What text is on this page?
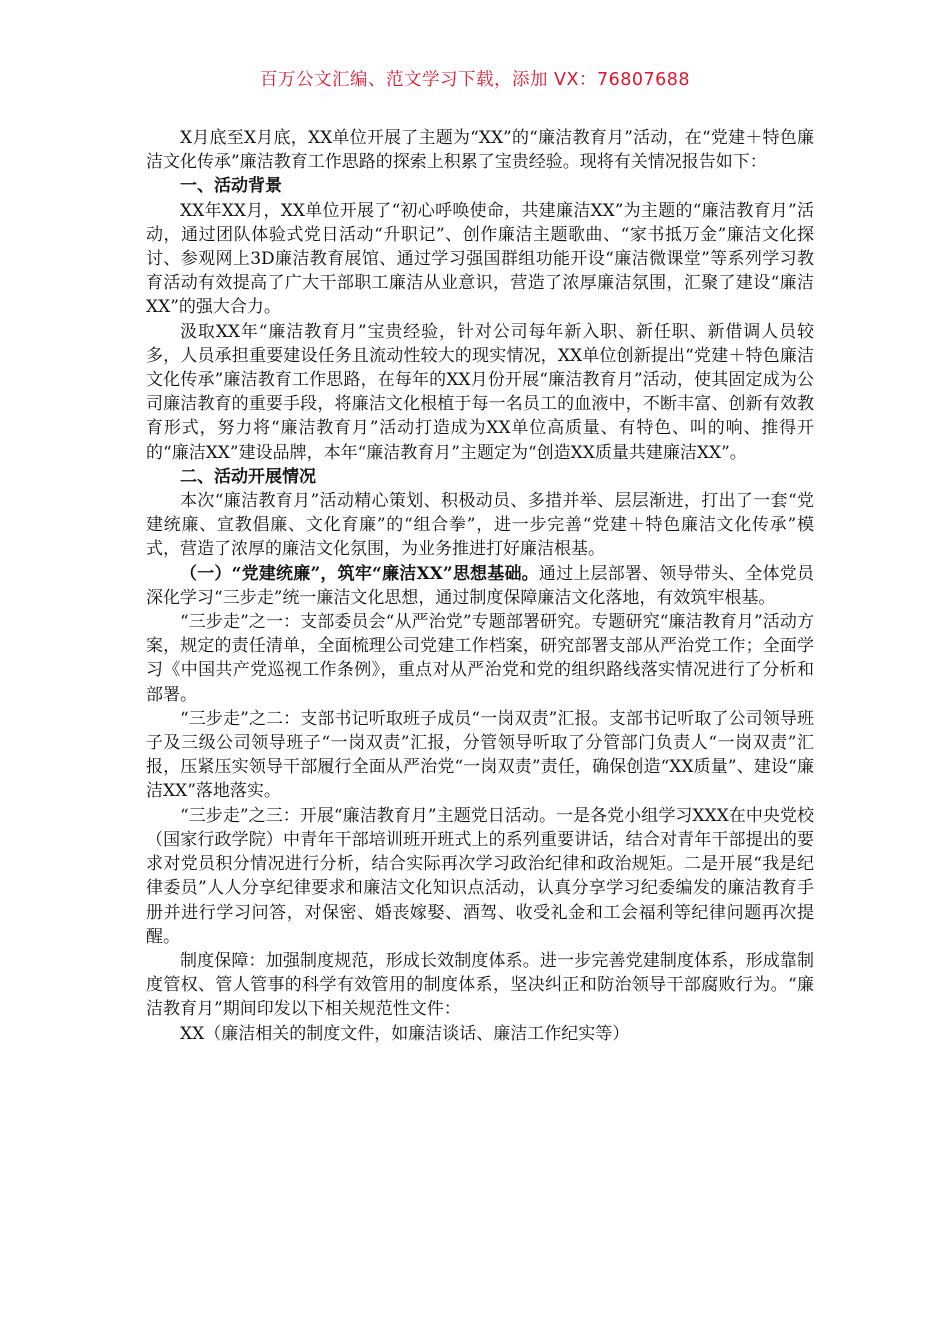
百万公文汇编、范文学习下载，添加 VX：76807688

X月底至X月底，XX单位开展了主题为“XX”的“廉洁教育月”活动，在“党建＋特色廉洁文化传承”廉洁教育工作思路的探索上积累了宝贵经验。现将有关情况报告如下：

一、活动背景

XX年XX月，XX单位开展了“初心呼唤使命，共建廉洁XX”为主题的“廉洁教育月”活动，通过团队体验式党日活动“升职记”、创作廉洁主题歌曲、“家书抵万金”廉洁文化探讨、参观网上3D廉洁教育展馆、通过学习强国群组功能开设“廉洁微课堂”等系列学习教育活动有效提高了广大干部职工廉洁从业意识，营造了浓厚廉洁氛围，汇聚了建设“廉洁XX”的强大合力。

汲取XX年“廉洁教育月”宝贵经验，针对公司每年新入职、新任职、新借调人员较多，人员承担重要建设任务且流动性较大的现实情况，XX单位创新提出“党建＋特色廉洁文化传承”廉洁教育工作思路，在每年的XX月份开展“廉洁教育月”活动，使其固定成为公司廉洁教育的重要手段，将廉洁文化根植于每一名员工的血液中，不断丰富、创新有效教育形式，努力将“廉洁教育月”活动打造成为XX单位高质量、有特色、叫的响、推得开的“廉洁XX”建设品牌，本年“廉洁教育月”主题定为“创造XX质量共建廉洁XX”。

二、活动开展情况

本次“廉洁教育月”活动精心策划、积极动员、多措并举、层层渐进，打出了一套“党建统廉、宣教倡廉、文化育廉”的“组合拳”，进一步完善“党建＋特色廉洁文化传承”模式，营造了浓厚的廉洁文化氛围，为业务推进打好廉洁根基。

（一）“党建统廉”，筑牢“廉洁XX”思想基础。通过上层部署、领导带头、全体党员深化学习“三步走”统一廉洁文化思想，通过制度保障廉洁文化落地，有效筑牢根基。

“三步走”之一：支部委员会“从严治党”专题部署研究。专题研究“廉洁教育月”活动方案，规定的责任清单，全面梳理公司党建工作档案，研究部署支部从严治党工作；全面学习《中国共产党巡视工作条例》，重点对从严治党和党的组织路线落实情况进行了分析和部署。

“三步走”之二：支部书记听取班子成员“一岗双责”汇报。支部书记听取了公司领导班子及三级公司领导班子“一岗双责”汇报，分管领导听取了分管部门负责人“一岗双责”汇报，压紧压实领导干部履行全面从严治党“一岗双责”责任，确保创造“XX质量”、建设“廉洁XX”落地落实。

“三步走”之三：开展“廉洁教育月”主题党日活动。一是各党小组学习XXX在中央党校（国家行政学院）中青年干部培训班开班式上的系列重要讲话，结合对青年干部提出的要求对党员积分情况进行分析，结合实际再次学习政治纪律和政治规矩。二是开展“我是纪律委员”人人分享纪律要求和廉洁文化知识点活动，认真分享学习纪委编发的廉洁教育手册并进行学习问答，对保密、婚丧嫁娶、酒驾、收受礼金和工会福利等纪律问题再次提醒。

制度保障：加强制度规范，形成长效制度体系。进一步完善党建制度体系，形成靠制度管权、管人管事的科学有效管用的制度体系，坚决纠正和防治领导干部腐败行为。“廉洁教育月”期间印发以下相关规范性文件：

XX（廉洁相关的制度文件，如廉洁谈话、廉洁工作纪实等）
